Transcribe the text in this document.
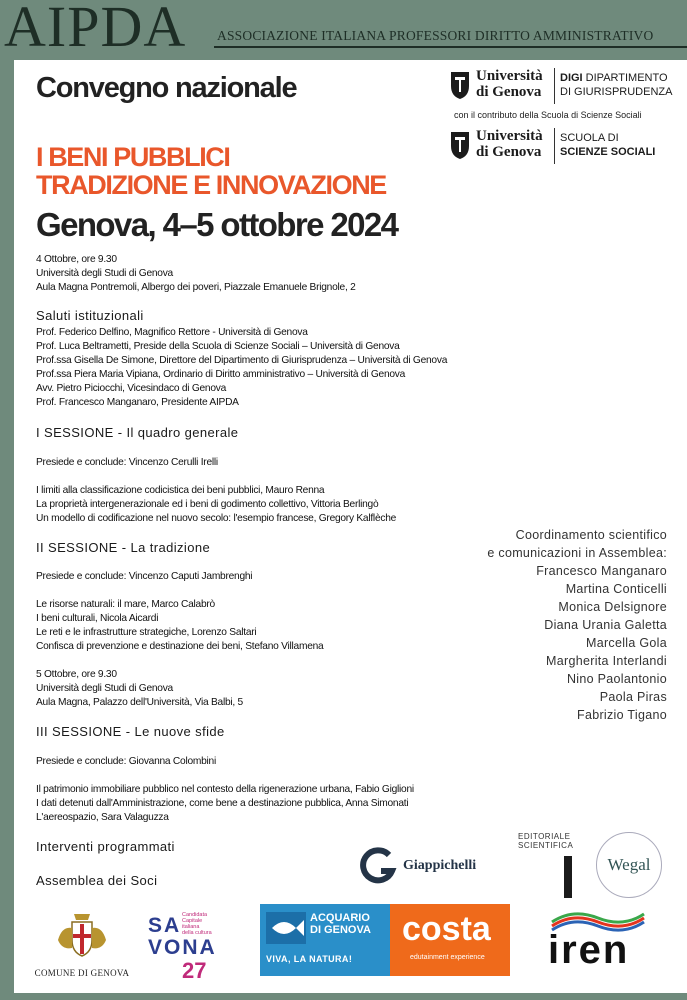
AIPDA ASSOCIAZIONE ITALIANA PROFESSORI DIRITTO AMMINISTRATIVO
Convegno nazionale
I BENI PUBBLICI
TRADIZIONE E INNOVAZIONE
Genova, 4–5 ottobre 2024
Università
di Genova
DIGI DIPARTIMENTO
DI GIURISPRUDENZA
con il contributo della Scuola di Scienze Sociali
Università
di Genova
SCUOLA DI
SCIENZE SOCIALI
4 Ottobre, ore 9.30
Università degli Studi di Genova
Aula Magna Pontremoli, Albergo dei poveri, Piazzale Emanuele Brignole, 2
Saluti istituzionali
Prof. Federico Delfino, Magnifico Rettore - Università di Genova
Prof. Luca Beltrametti, Preside della Scuola di Scienze Sociali – Università di Genova
Prof.ssa Gisella De Simone, Direttore del Dipartimento di Giurisprudenza – Università di Genova
Prof.ssa Piera Maria Vipiana, Ordinario di Diritto amministrativo – Università di Genova
Avv. Pietro Piciocchi, Vicesindaco di Genova
Prof. Francesco Manganaro, Presidente AIPDA
I SESSIONE - Il quadro generale
Presiede e conclude: Vincenzo Cerulli Irelli
I limiti alla classificazione codicistica dei beni pubblici, Mauro Renna
La proprietà intergenerazionale ed i beni di godimento collettivo, Vittoria Berlingò
Un modello di codificazione nel nuovo secolo: l'esempio francese, Gregory Kalflèche
II SESSIONE - La tradizione
Presiede e conclude: Vincenzo Caputi Jambrenghi
Le risorse naturali: il mare, Marco Calabrò
I beni culturali, Nicola Aicardi
Le reti e le infrastrutture strategiche, Lorenzo Saltari
Confisca di prevenzione e destinazione dei beni, Stefano Villamena
5 Ottobre, ore 9.30
Università degli Studi di Genova
Aula Magna, Palazzo dell'Università, Via Balbi, 5
III SESSIONE - Le nuove sfide
Presiede e conclude: Giovanna Colombini
Il patrimonio immobiliare pubblico nel contesto della rigenerazione urbana, Fabio Giglioni
I dati detenuti dall'Amministrazione, come bene a destinazione pubblica, Anna Simonati
L'aereospazio, Sara Valaguzza
Interventi programmati
Assemblea dei Soci
Coordinamento scientifico
e comunicazioni in Assemblea:
Francesco Manganaro
Martina Conticelli
Monica Delsignore
Diana Urania Galetta
Marcella Gola
Margherita Interlandi
Nino Paolantonio
Paola Piras
Fabrizio Tigano
Giappichelli
EDITORIALE
SCIENTIFICA
Wegal
COMUNE DI GENOVA
SA Candidata
Capitale
italiana
della cultura
VONA
27
ACQUARIO
DI GENOVA
VIVA, LA NATURA!
costa
edutainment experience iren
